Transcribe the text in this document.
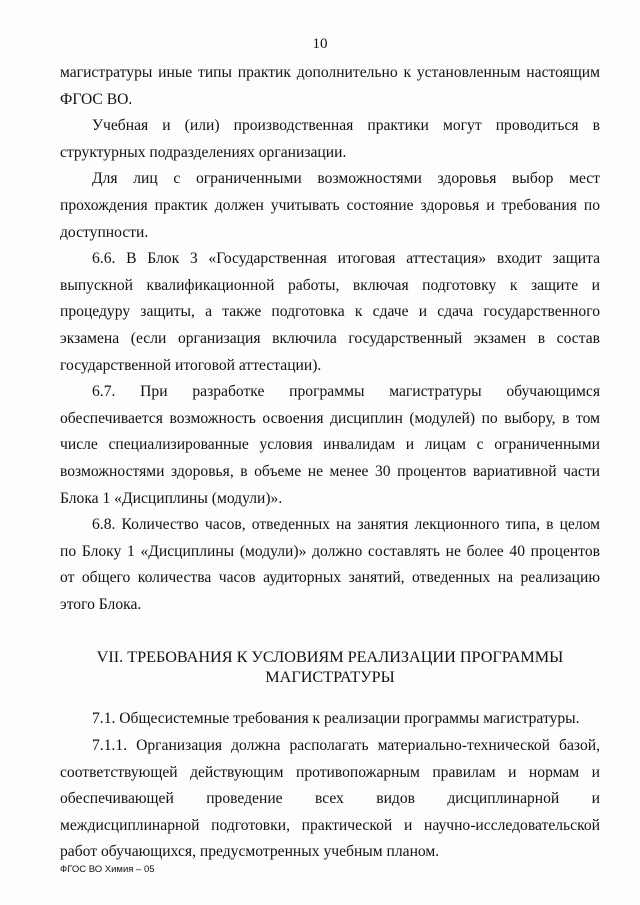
10

магистратуры иные типы практик дополнительно к установленным настоящим ФГОС ВО.

Учебная и (или) производственная практики могут проводиться в структурных подразделениях организации.

Для лиц с ограниченными возможностями здоровья выбор мест прохождения практик должен учитывать состояние здоровья и требования по доступности.

6.6. В Блок 3 «Государственная итоговая аттестация» входит защита выпускной квалификационной работы, включая подготовку к защите и процедуру защиты, а также подготовка к сдаче и сдача государственного экзамена (если организация включила государственный экзамен в состав государственной итоговой аттестации).

6.7. При разработке программы магистратуры обучающимся обеспечивается возможность освоения дисциплин (модулей) по выбору, в том числе специализированные условия инвалидам и лицам с ограниченными возможностями здоровья, в объеме не менее 30 процентов вариативной части Блока 1 «Дисциплины (модули)».

6.8. Количество часов, отведенных на занятия лекционного типа, в целом по Блоку 1 «Дисциплины (модули)» должно составлять не более 40 процентов от общего количества часов аудиторных занятий, отведенных на реализацию этого Блока.

VII. ТРЕБОВАНИЯ К УСЛОВИЯМ РЕАЛИЗАЦИИ ПРОГРАММЫ
МАГИСТРАТУРЫ

7.1. Общесистемные требования к реализации программы магистратуры.

7.1.1. Организация должна располагать материально-технической базой, соответствующей действующим противопожарным правилам и нормам и обеспечивающей проведение всех видов дисциплинарной и междисциплинарной подготовки, практической и научно-исследовательской работ обучающихся, предусмотренных учебным планом.

ФГОС ВО Химия – 05
